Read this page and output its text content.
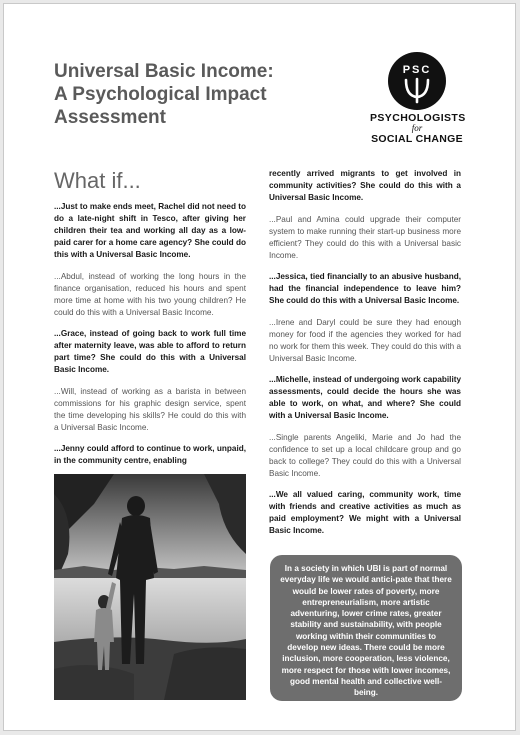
Universal Basic Income:
A Psychological Impact
Assessment
PSC
PSYCHOLOGISTS
for
SOCIAL CHANGE
What if...

...Just to make ends meet, Rachel did not need to do a late-night shift in Tesco, after giving her children their tea and working all day as a low-paid carer for a home care agency? She could do this with a Universal Basic Income.

...Abdul, instead of working the long hours in the finance organisation, reduced his hours and spent more time at home with his two young children? He could do this with a Universal Basic Income.

...Grace, instead of going back to work full time after maternity leave, was able to afford to return part time? She could do this with a Universal Basic Income.

...Will, instead of working as a barista in between commissions for his graphic design service, spent the time developing his skills? He could do this with a Universal Basic Income.

...Jenny could afford to continue to work, unpaid, in the community centre, enabling

recently arrived migrants to get involved in community activities? She could do this with a Universal Basic Income.

...Paul and Amina could upgrade their computer system to make running their start-up business more efficient? They could do this with a Universal basic Income.

...Jessica, tied financially to an abusive husband, had the financial independence to leave him? She could do this with a Universal Basic Income.

...Irene and Daryl could be sure they had enough money for food if the agencies they worked for had no work for them this week. They could do this with a Universal Basic Income.

...Michelle, instead of undergoing work capability assessments, could decide the hours she was able to work, on what, and where? She could with a Universal Basic Income.

...Single parents Angeliki, Marie and Jo had the confidence to set up a local childcare group and go back to college? They could do this with a Universal Basic Income.

...We all valued caring, community work, time with friends and creative activities as much as paid employment? We might with a Universal Basic Income.

In a society in which UBI is part of normal everyday life we would antici-pate that there would be lower rates of poverty, more entrepreneurialism, more artistic adventuring, lower crime rates, greater stability and sustainability, with people working within their communities to develop new ideas. There could be more inclusion, more cooperation, less violence, more respect for those with lower incomes, good mental health and collective well-being.
